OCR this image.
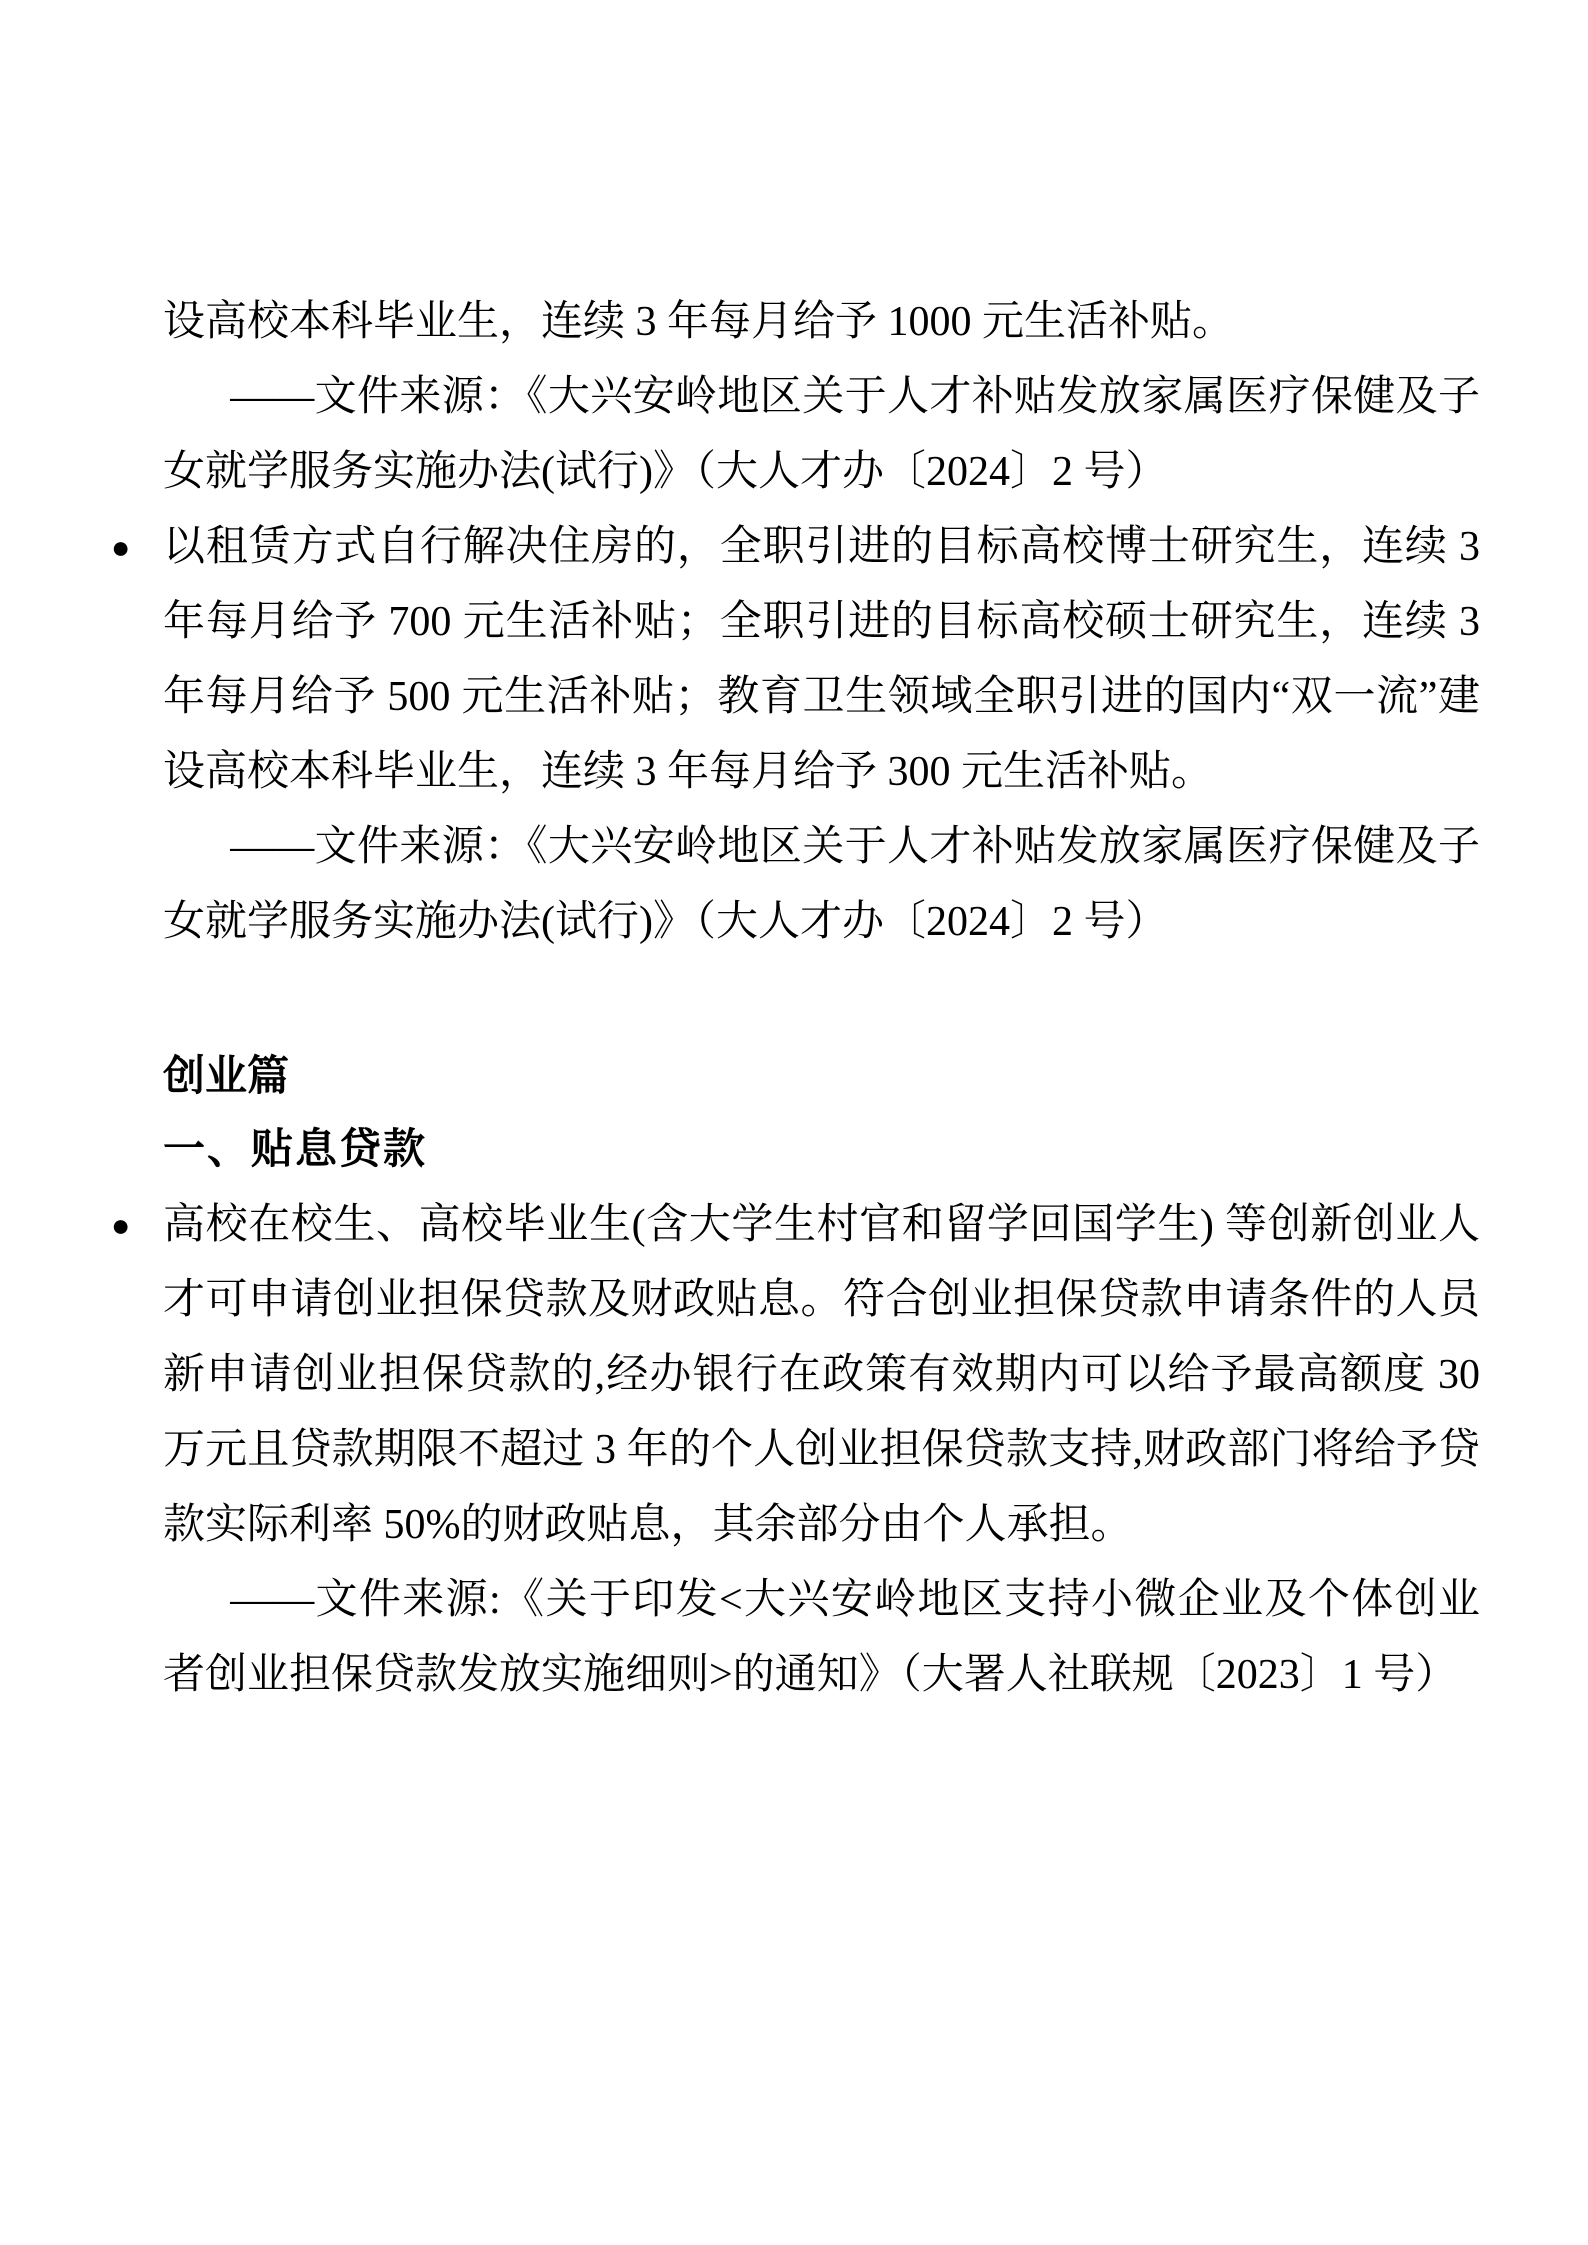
设高校本科毕业生，连续 3 年每月给予 1000 元生活补贴。

——文件来源：《大兴安岭地区关于人才补贴发放家属医疗保健及子女就学服务实施办法(试行)》（大人才办〔2024〕2 号）

● 以租赁方式自行解决住房的，全职引进的目标高校博士研究生，连续 3 年每月给予 700 元生活补贴；全职引进的目标高校硕士研究生，连续 3 年每月给予 500 元生活补贴；教育卫生领域全职引进的国内“双一流”建设高校本科毕业生，连续 3 年每月给予 300 元生活补贴。

——文件来源：《大兴安岭地区关于人才补贴发放家属医疗保健及子女就学服务实施办法(试行)》（大人才办〔2024〕2 号）

创业篇
一、贴息贷款
● 高校在校生、高校毕业生(含大学生村官和留学回国学生) 等创新创业人才可申请创业担保贷款及财政贴息。符合创业担保贷款申请条件的人员新申请创业担保贷款的,经办银行在政策有效期内可以给予最高额度 30 万元且贷款期限不超过 3 年的个人创业担保贷款支持,财政部门将给予贷款实际利率 50%的财政贴息，其余部分由个人承担。

——文件来源:《关于印发<大兴安岭地区支持小微企业及个体创业者创业担保贷款发放实施细则>的通知》（大署人社联规〔2023〕1 号）
